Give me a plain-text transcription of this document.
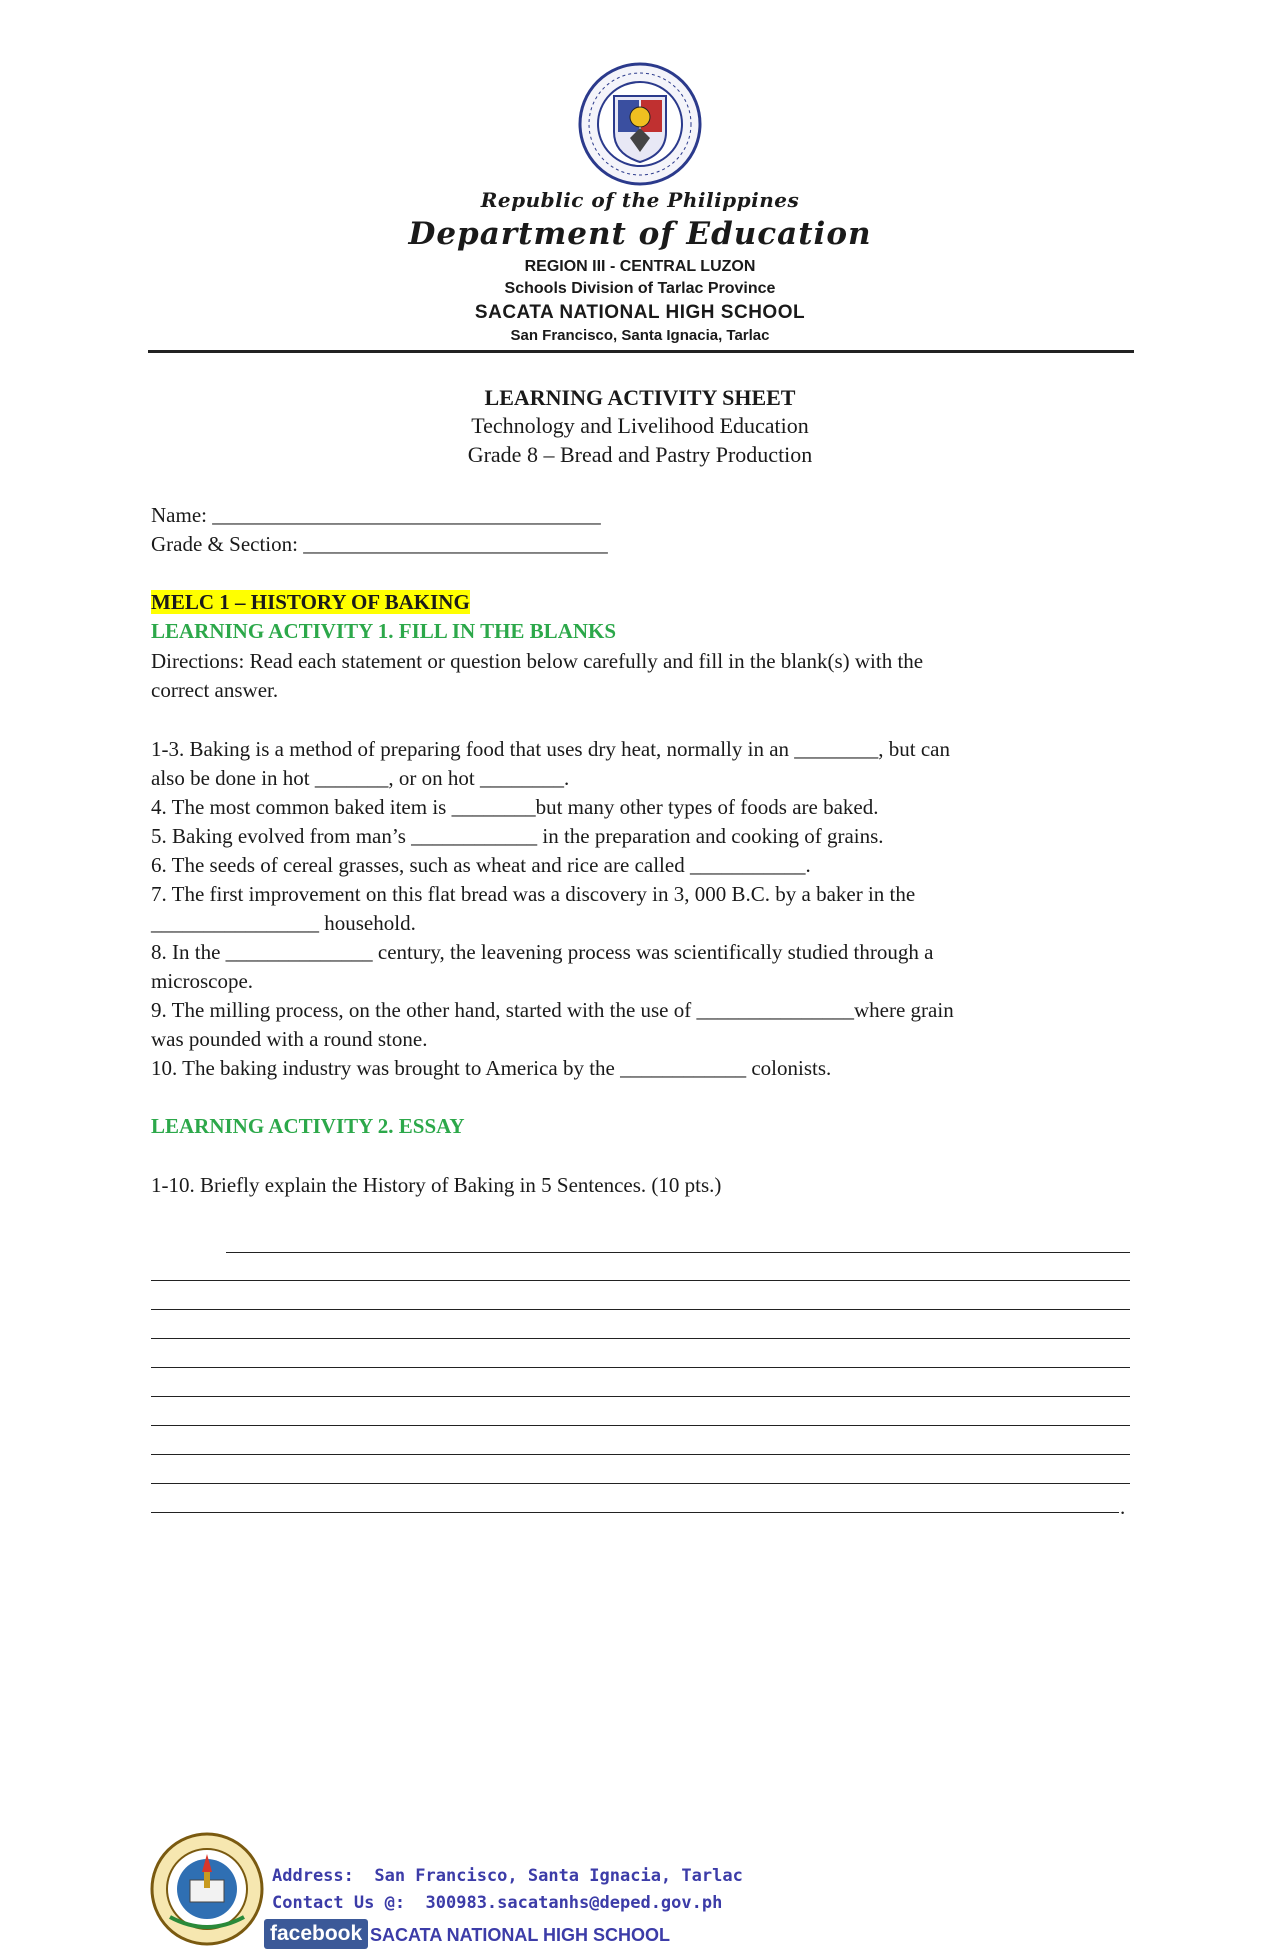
Republic of the Philippines
Department of Education
REGION III - CENTRAL LUZON
Schools Division of Tarlac Province
SACATA NATIONAL HIGH SCHOOL
San Francisco, Santa Ignacia, Tarlac
LEARNING ACTIVITY SHEET
Technology and Livelihood Education
Grade 8 – Bread and Pastry Production
Name: _____________________________________
Grade & Section: _____________________________
MELC 1 – HISTORY OF BAKING
LEARNING ACTIVITY 1. FILL IN THE BLANKS
Directions: Read each statement or question below carefully and fill in the blank(s) with the
correct answer.
1-3. Baking is a method of preparing food that uses dry heat, normally in an ________, but can
also be done in hot _______, or on hot ________.
4. The most common baked item is ________but many other types of foods are baked.
5. Baking evolved from man’s ____________ in the preparation and cooking of grains.
6. The seeds of cereal grasses, such as wheat and rice are called ___________.
7. The first improvement on this flat bread was a discovery in 3, 000 B.C. by a baker in the
________________ household.
8. In the ______________ century, the leavening process was scientifically studied through a
microscope.
9. The milling process, on the other hand, started with the use of _______________where grain
was pounded with a round stone.
10. The baking industry was brought to America by the ____________ colonists.
LEARNING ACTIVITY 2. ESSAY
1-10. Briefly explain the History of Baking in 5 Sentences. (10 pts.)
.
Address:  San Francisco, Santa Ignacia, Tarlac
Contact Us @:  300983.sacatanhs@deped.gov.ph
facebook SACATA NATIONAL HIGH SCHOOL
